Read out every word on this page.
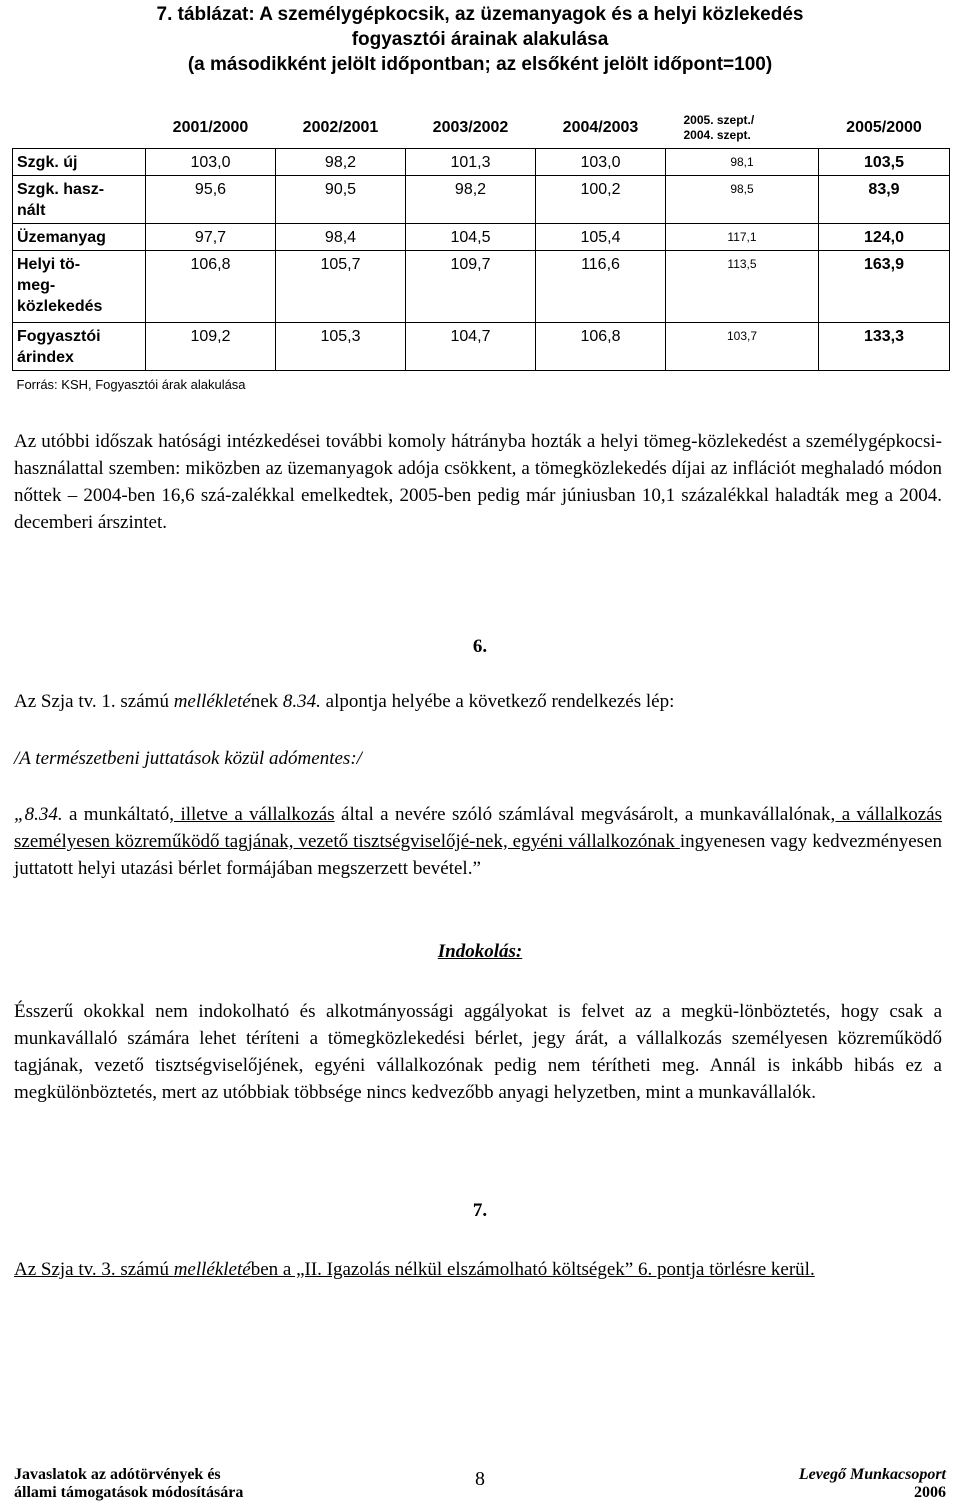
7. táblázat: A személygépkocsik, az üzemanyagok és a helyi közlekedés
fogyasztói árainak alakulása
(a másodikként jelölt időpontban; az elsőként jelölt időpont=100)
	2001/2000	2002/2001	2003/2002	2004/2003	2005. szept./
2004. szept.	2005/2000
Szgk. új	103,0	98,2	101,3	103,0	98,1	103,5
Szgk. hasz-
nált	95,6	90,5	98,2	100,2	98,5	83,9
Üzemanyag	97,7	98,4	104,5	105,4	117,1	124,0
Helyi tö-
meg-
közlekedés	106,8	105,7	109,7	116,6	113,5	163,9
Fogyasztói
árindex	109,2	105,3	104,7	106,8	103,7	133,3
Forrás: KSH, Fogyasztói árak alakulása						
Az utóbbi időszak hatósági intézkedései további komoly hátrányba hozták a helyi tömeg-közlekedést a személygépkocsi-használattal szemben: miközben az üzemanyagok adója csökkent, a tömegközlekedés díjai az inflációt meghaladó módon nőttek – 2004-ben 16,6 szá-zalékkal emelkedtek, 2005-ben pedig már júniusban 10,1 százalékkal haladták meg a 2004. decemberi árszintet.
6.
Az Szja tv. 1. számú mellékletének 8.34. alpontja helyébe a következő rendelkezés lép:
/A természetbeni juttatások közül adómentes:/
„8.34. a munkáltató, illetve a vállalkozás által a nevére szóló számlával megvásárolt, a munkavállalónak, a vállalkozás személyesen közreműködő tagjának, vezető tisztségviselőjé-nek, egyéni vállalkozónak ingyenesen vagy kedvezményesen juttatott helyi utazási bérlet formájában megszerzett bevétel.”
Indokolás:
Ésszerű okokkal nem indokolható és alkotmányossági aggályokat is felvet az a megkü-lönböztetés, hogy csak a munkavállaló számára lehet téríteni a tömegközlekedési bérlet, jegy árát, a vállalkozás személyesen közreműködő tagjának, vezető tisztségviselőjének, egyéni vállalkozónak pedig nem térítheti meg. Annál is inkább hibás ez a megkülönböztetés, mert az utóbbiak többsége nincs kedvezőbb anyagi helyzetben, mint a munkavállalók.
7.
Az Szja tv. 3. számú mellékletében a „II. Igazolás nélkül elszámolható költségek” 6. pontja törlésre kerül.
Javaslatok az adótörvények és
állami támogatások módosítására
8	Levegő Munkacsoport
2006
